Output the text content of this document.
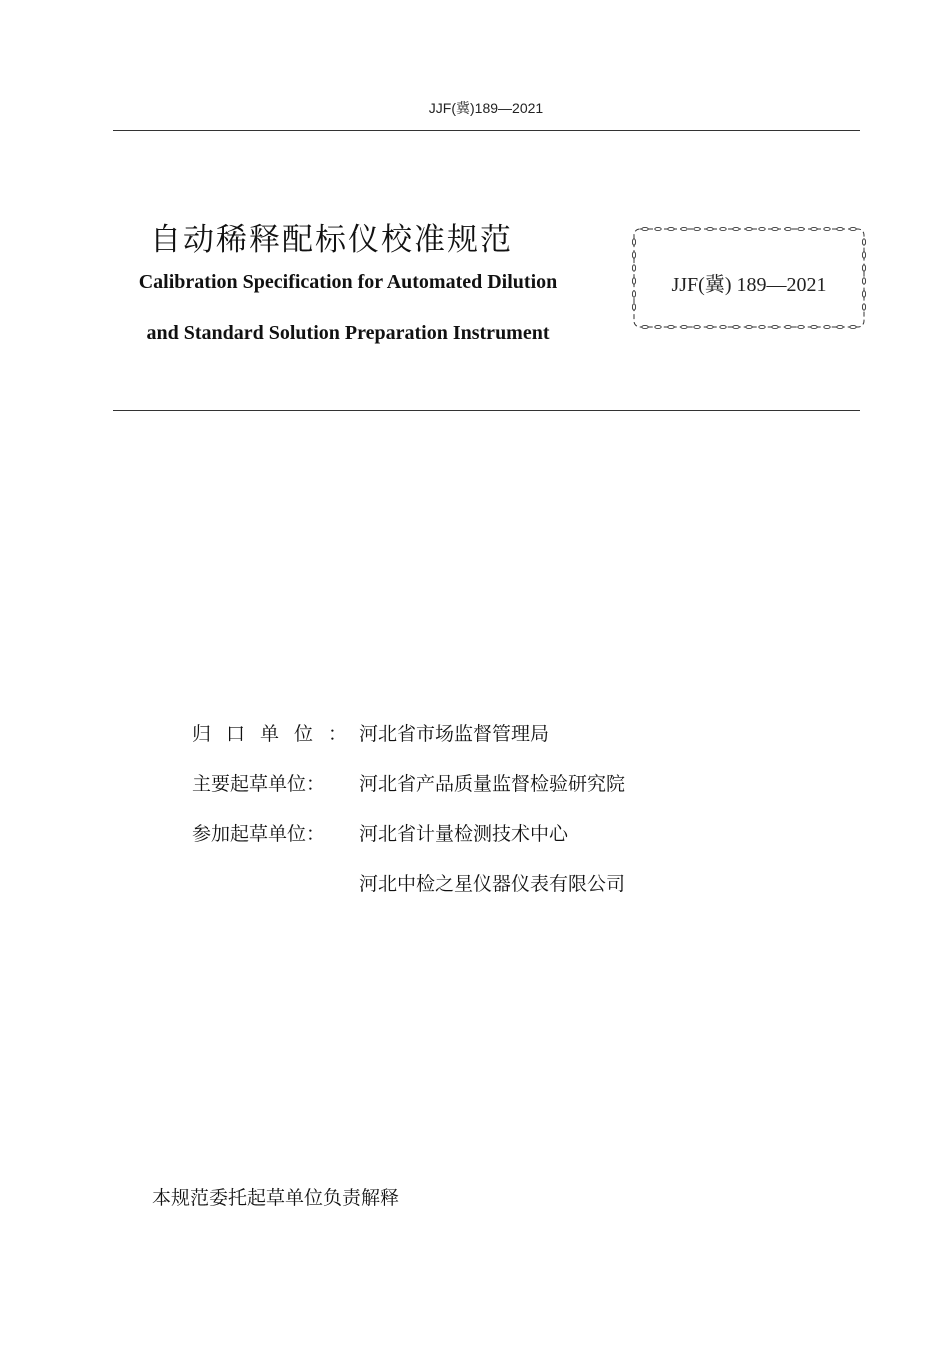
JJF(冀)189—2021
自动稀释配标仪校准规范
Calibration Specification for Automated Dilution
and Standard Solution Preparation Instrument
JJF(冀) 189—2021
归口单位：
河北省市场监督管理局
主要起草单位：	河北省产品质量监督检验研究院
参加起草单位：	河北省计量检测技术中心
河北中检之星仪器仪表有限公司
本规范委托起草单位负责解释
